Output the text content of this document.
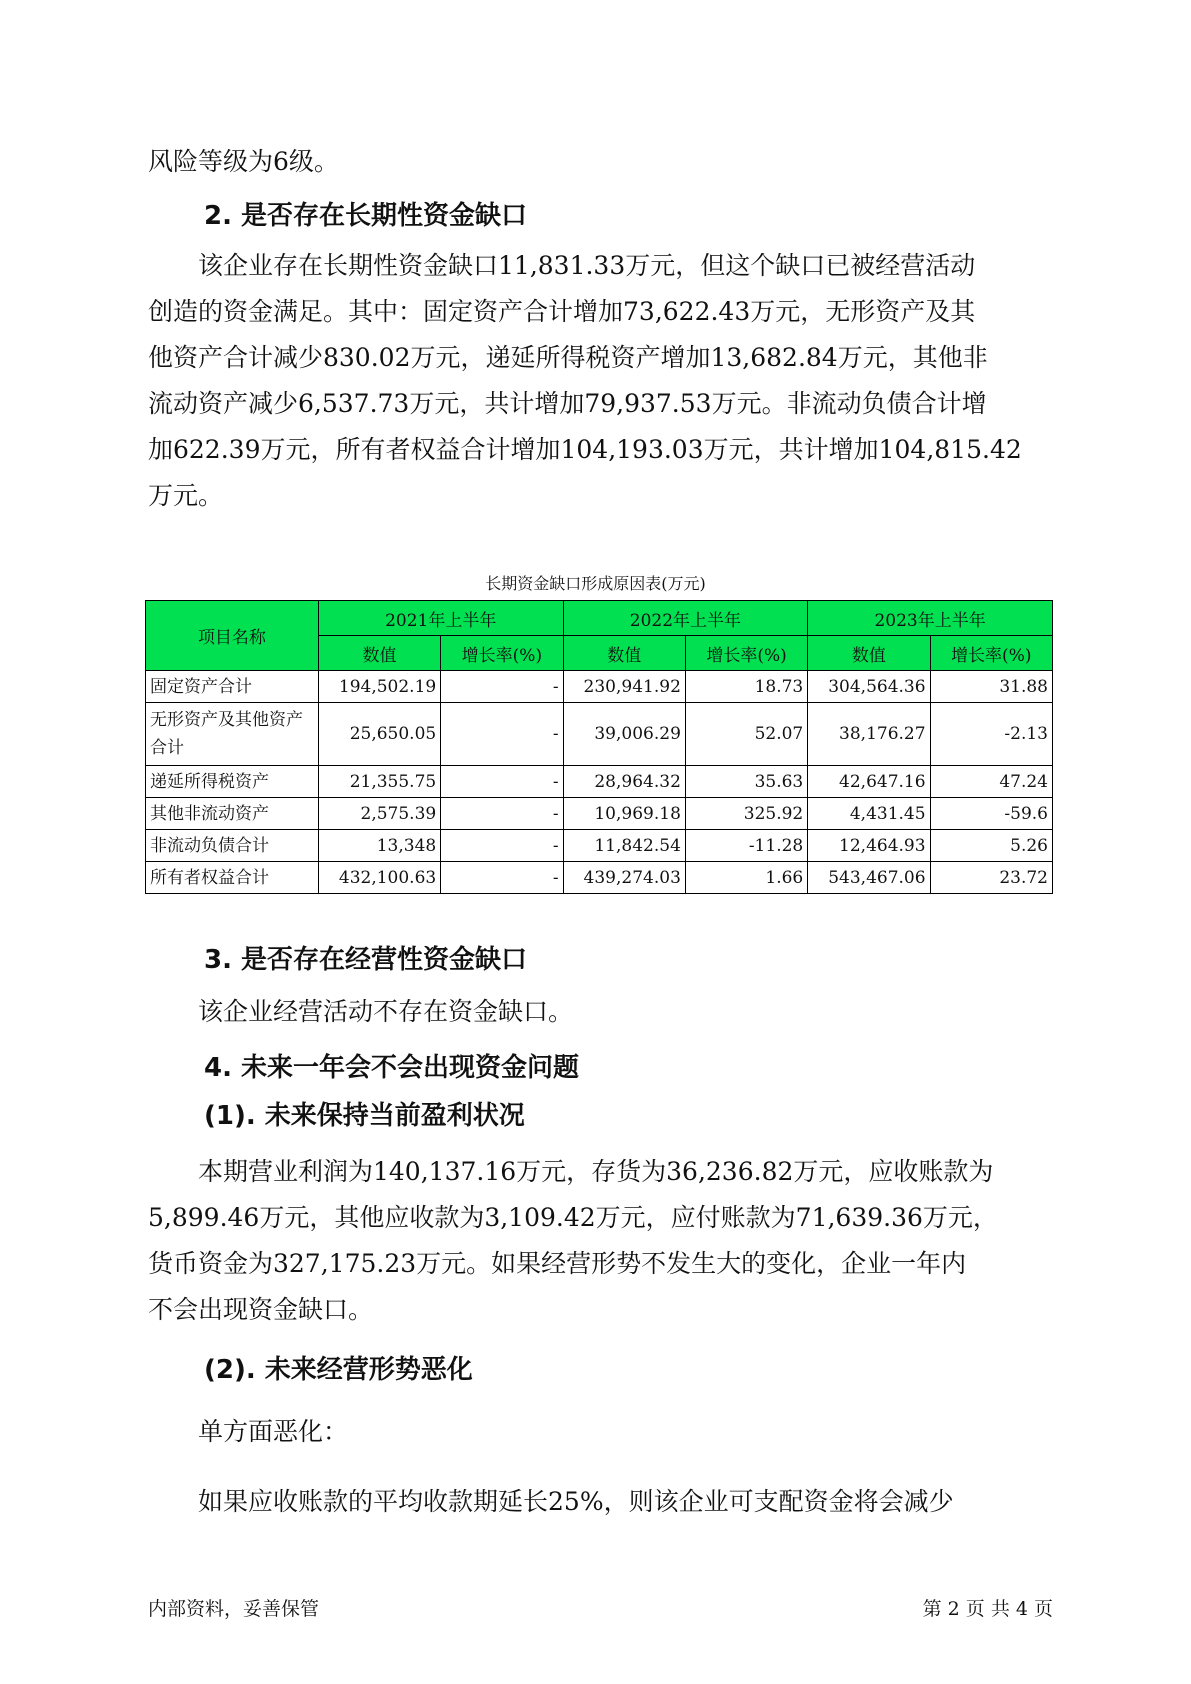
风险等级为6级。
2. 是否存在长期性资金缺口
该企业存在长期性资金缺口11,831.33万元，但这个缺口已被经营活动
创造的资金满足。其中：固定资产合计增加73,622.43万元，无形资产及其
他资产合计减少830.02万元，递延所得税资产增加13,682.84万元，其他非
流动资产减少6,537.73万元，共计增加79,937.53万元。非流动负债合计增
加622.39万元，所有者权益合计增加104,193.03万元，共计增加104,815.42
万元。
长期资金缺口形成原因表(万元)
项目名称	2021年上半年		2022年上半年		2023年上半年	
	数值	增长率(%)	数值	增长率(%)	数值	增长率(%)
固定资产合计	194,502.19	-	230,941.92	18.73	304,564.36	31.88
无形资产及其他资产合计	25,650.05	-	39,006.29	52.07	38,176.27	-2.13
递延所得税资产	21,355.75	-	28,964.32	35.63	42,647.16	47.24
其他非流动资产	2,575.39	-	10,969.18	325.92	4,431.45	-59.6
非流动负债合计	13,348	-	11,842.54	-11.28	12,464.93	5.26
所有者权益合计	432,100.63	-	439,274.03	1.66	543,467.06	23.72
3. 是否存在经营性资金缺口
该企业经营活动不存在资金缺口。
4. 未来一年会不会出现资金问题
(1). 未来保持当前盈利状况
本期营业利润为140,137.16万元，存货为36,236.82万元，应收账款为
5,899.46万元，其他应收款为3,109.42万元，应付账款为71,639.36万元，
货币资金为327,175.23万元。如果经营形势不发生大的变化，企业一年内
不会出现资金缺口。
(2). 未来经营形势恶化
单方面恶化：
如果应收账款的平均收款期延长25%，则该企业可支配资金将会减少
内部资料，妥善保管	第 2 页 共 4 页
